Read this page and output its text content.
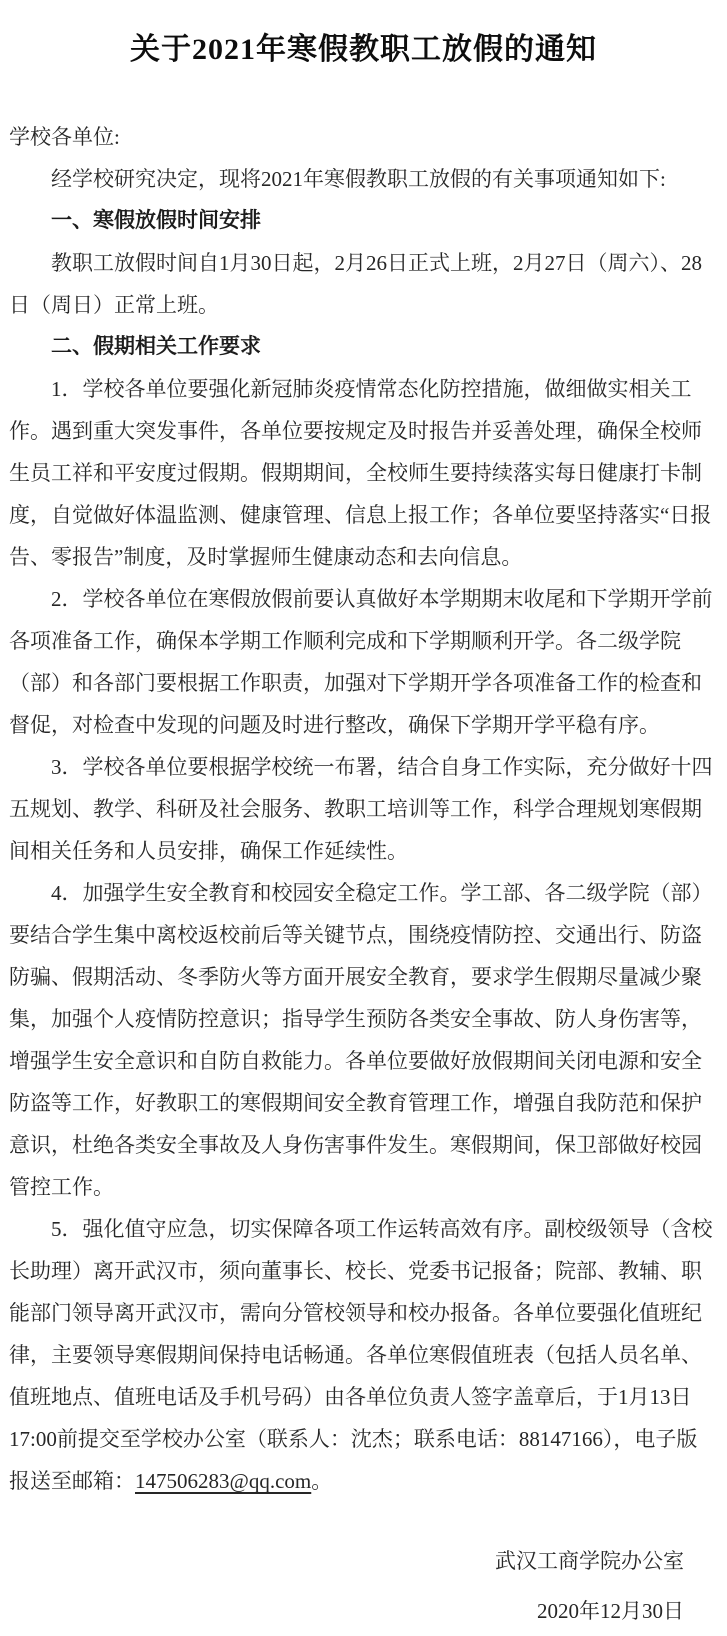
关于2021年寒假教职工放假的通知

学校各单位:

经学校研究决定，现将2021年寒假教职工放假的有关事项通知如下:

一、寒假放假时间安排

教职工放假时间自1月30日起，2月26日正式上班，2月27日（周六）、28日（周日）正常上班。

二、假期相关工作要求

1．学校各单位要强化新冠肺炎疫情常态化防控措施，做细做实相关工作。遇到重大突发事件，各单位要按规定及时报告并妥善处理，确保全校师生员工祥和平安度过假期。假期期间，全校师生要持续落实每日健康打卡制度，自觉做好体温监测、健康管理、信息上报工作；各单位要坚持落实“日报告、零报告”制度，及时掌握师生健康动态和去向信息。

2．学校各单位在寒假放假前要认真做好本学期期末收尾和下学期开学前各项准备工作，确保本学期工作顺利完成和下学期顺利开学。各二级学院（部）和各部门要根据工作职责，加强对下学期开学各项准备工作的检查和督促，对检查中发现的问题及时进行整改，确保下学期开学平稳有序。

3．学校各单位要根据学校统一布署，结合自身工作实际，充分做好十四五规划、教学、科研及社会服务、教职工培训等工作，科学合理规划寒假期间相关任务和人员安排，确保工作延续性。

4．加强学生安全教育和校园安全稳定工作。学工部、各二级学院（部）要结合学生集中离校返校前后等关键节点，围绕疫情防控、交通出行、防盗防骗、假期活动、冬季防火等方面开展安全教育，要求学生假期尽量减少聚集，加强个人疫情防控意识；指导学生预防各类安全事故、防人身伤害等，增强学生安全意识和自防自救能力。各单位要做好放假期间关闭电源和安全防盗等工作，好教职工的寒假期间安全教育管理工作，增强自我防范和保护意识，杜绝各类安全事故及人身伤害事件发生。寒假期间，保卫部做好校园管控工作。

5．强化值守应急，切实保障各项工作运转高效有序。副校级领导（含校长助理）离开武汉市，须向董事长、校长、党委书记报备；院部、教辅、职能部门领导离开武汉市，需向分管校领导和校办报备。各单位要强化值班纪律，主要领导寒假期间保持电话畅通。各单位寒假值班表（包括人员名单、值班地点、值班电话及手机号码）由各单位负责人签字盖章后，于1月13日17:00前提交至学校办公室（联系人：沈杰；联系电话：88147166），电子版报送至邮箱：147506283@qq.com。

武汉工商学院办公室

2020年12月30日
